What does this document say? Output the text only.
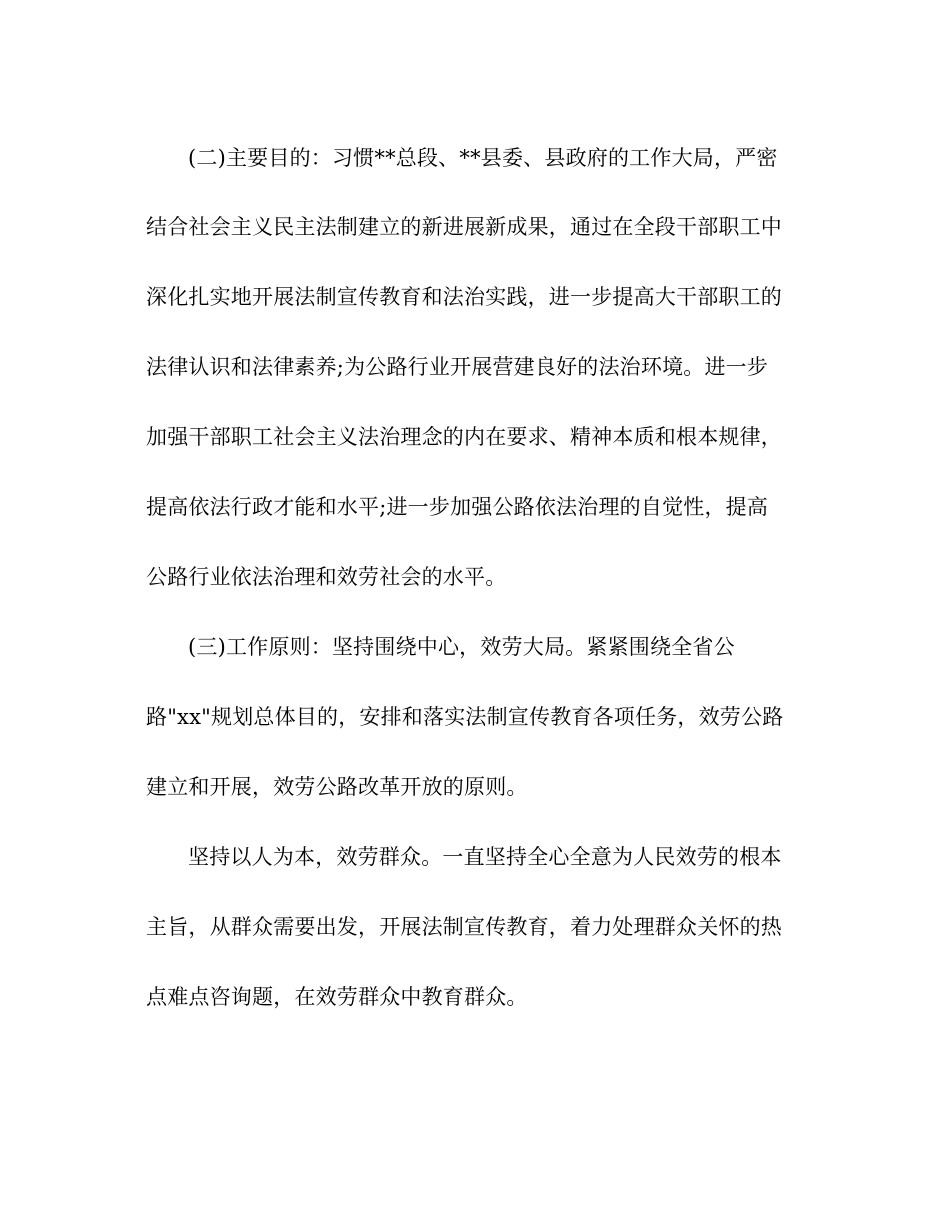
(二)主要目的：习惯**总段、**县委、县政府的工作大局，严密
结合社会主义民主法制建立的新进展新成果，通过在全段干部职工中
深化扎实地开展法制宣传教育和法治实践，进一步提高大干部职工的
法律认识和法律素养;为公路行业开展营建良好的法治环境。进一步
加强干部职工社会主义法治理念的内在要求、精神本质和根本规律，
提高依法行政才能和水平;进一步加强公路依法治理的自觉性，提高
公路行业依法治理和效劳社会的水平。
(三)工作原则：坚持围绕中心，效劳大局。紧紧围绕全省公
路"xx"规划总体目的，安排和落实法制宣传教育各项任务，效劳公路
建立和开展，效劳公路改革开放的原则。
坚持以人为本，效劳群众。一直坚持全心全意为人民效劳的根本
主旨，从群众需要出发，开展法制宣传教育，着力处理群众关怀的热
点难点咨询题，在效劳群众中教育群众。
